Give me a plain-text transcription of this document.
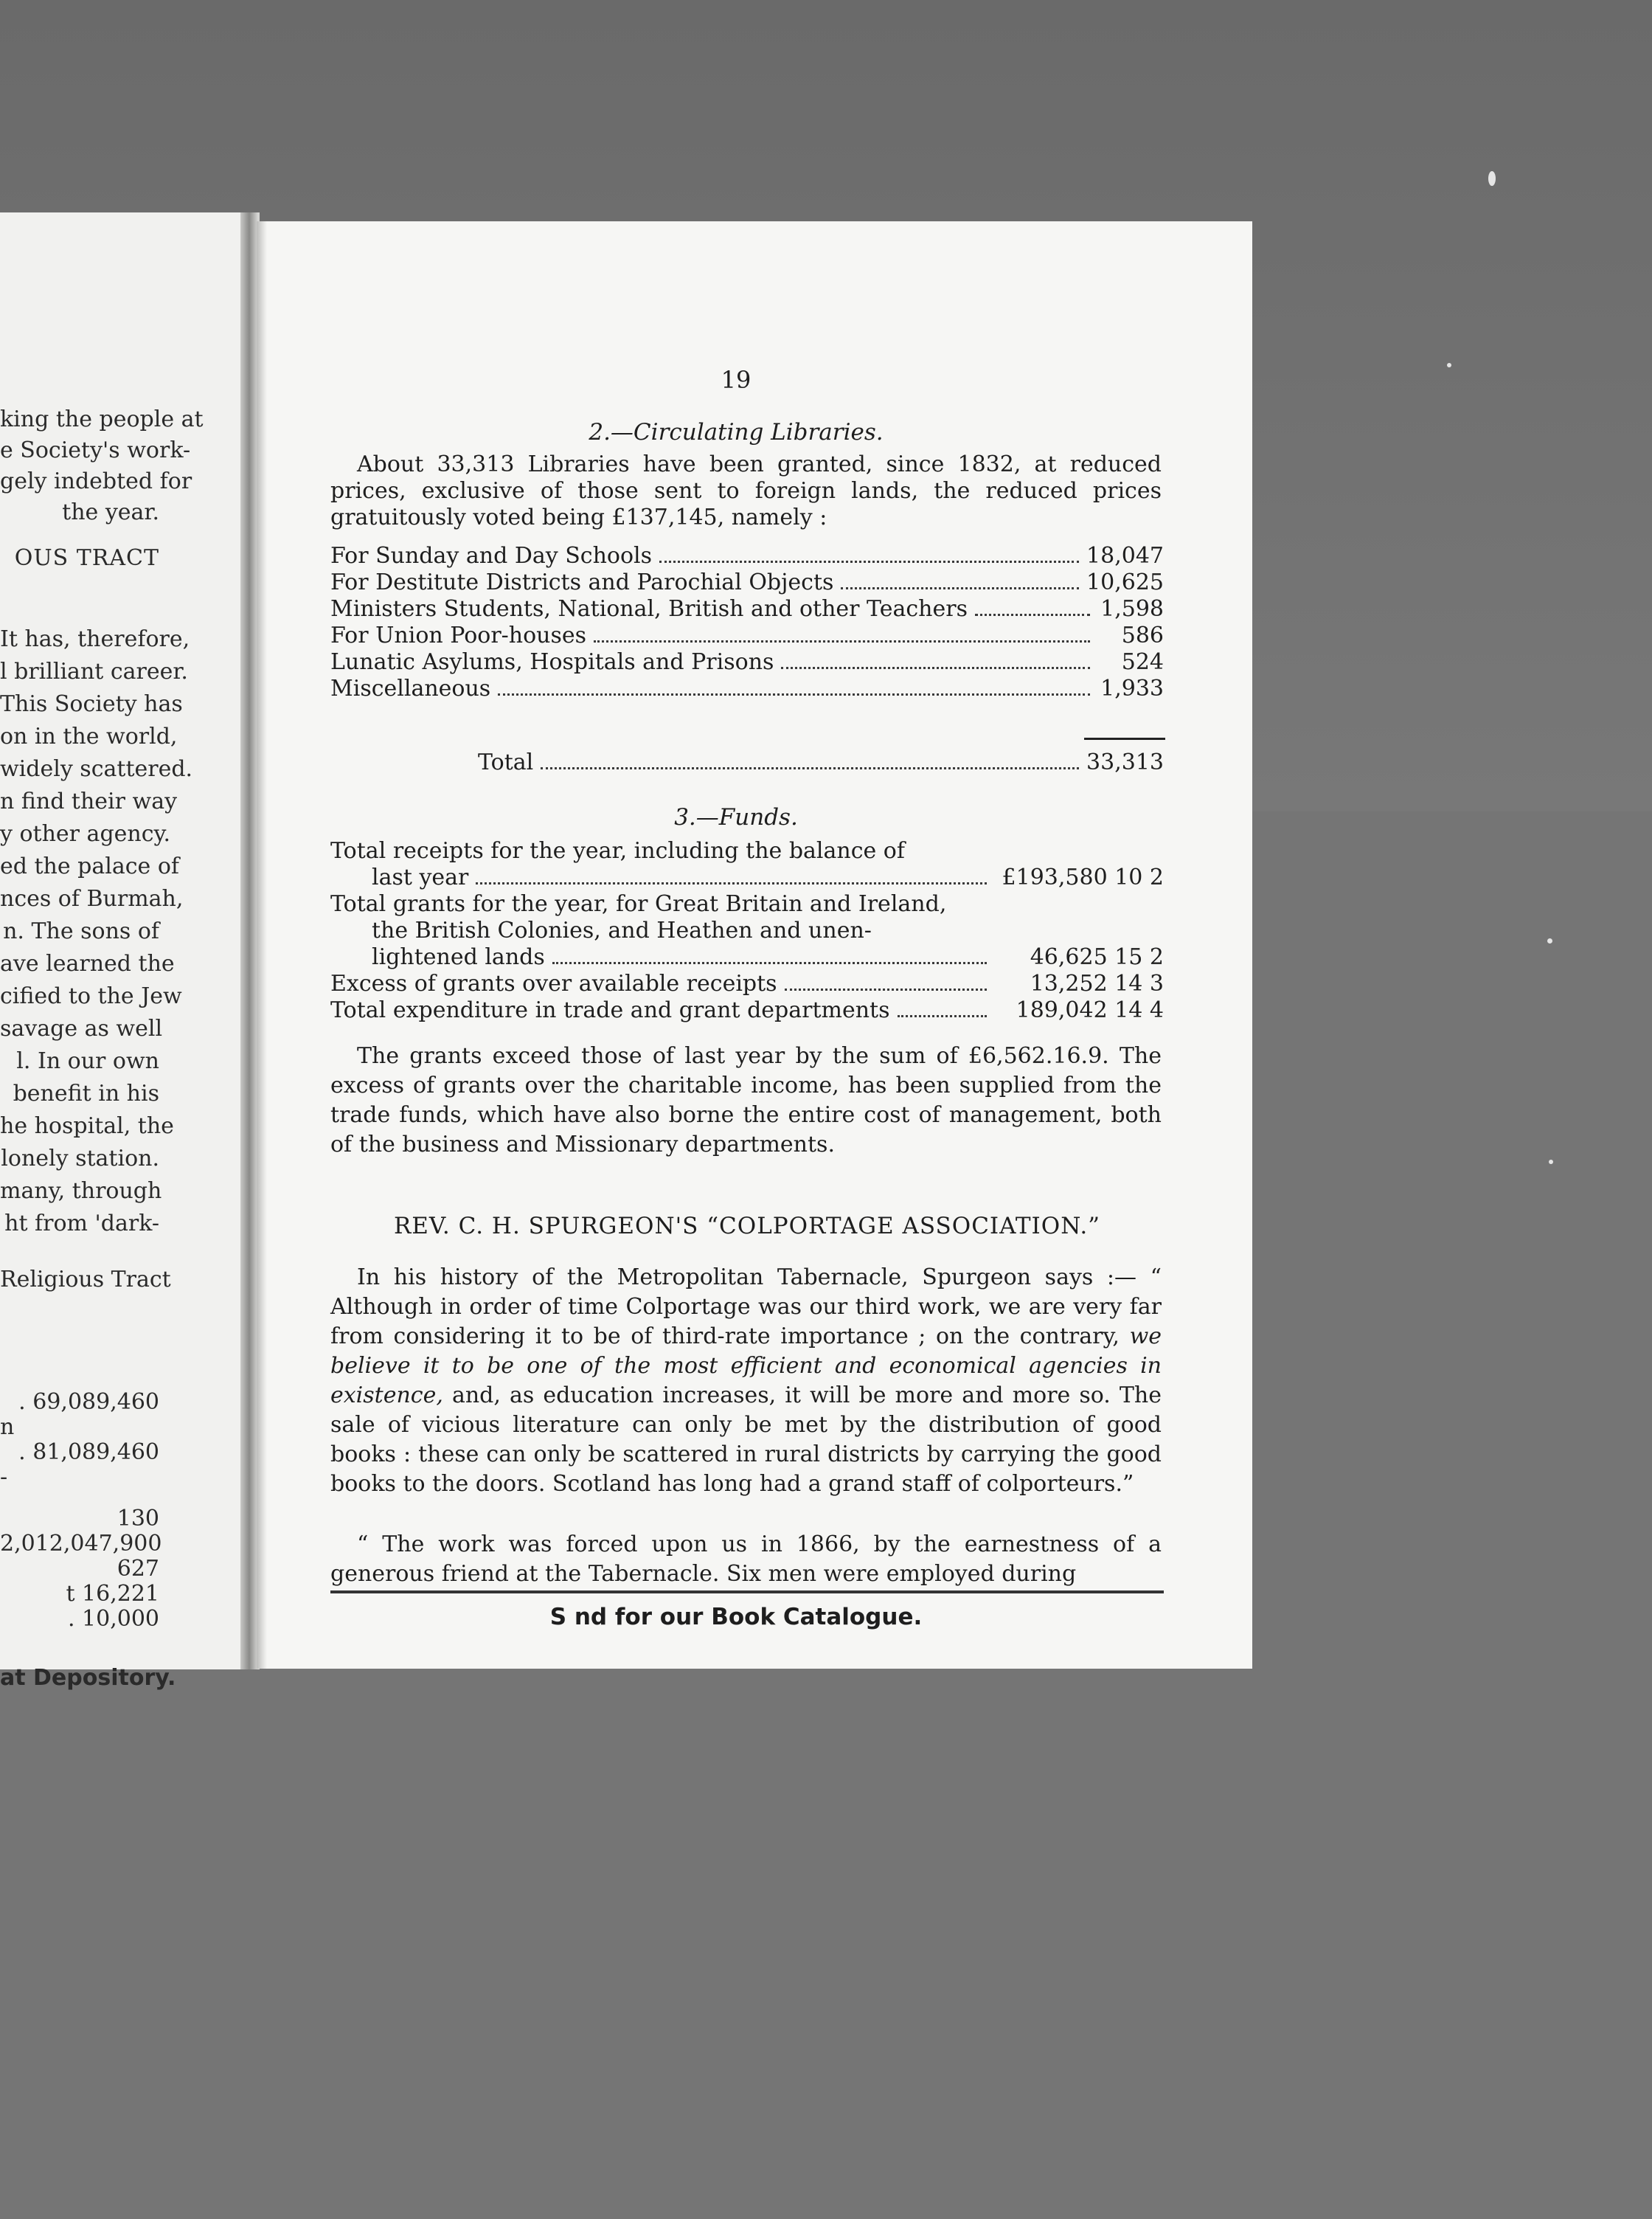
king the people at

e Society's work-

gely indebted for

the year.

OUS TRACT

It has, therefore,

l brilliant career.

This Society has

on in the world,

widely scattered.

n find their way

y other agency.

ed the palace of

nces of Burmah,

n. The sons of

ave learned the

cified to the Jew

savage as well

l. In our own

benefit in his

he hospital, the

lonely station.

many, through

ht from 'dark-

Religious Tract

. 69,089,460

n

. 81,089,460

-

130

2,012,047,900

627

t 16,221

. 10,000

at Depository.

19
2.—Circulating Libraries.

About 33,313 Libraries have been granted, since 1832, at reduced prices, exclusive of those sent to foreign lands, the reduced prices gratuitously voted being £137,145, namely :

For Sunday and Day Schools	18,047
For Destitute Districts and Parochial Objects	10,625
Ministers Students, National, British and other Teachers	1,598
For Union Poor-houses	586
Lunatic Asylums, Hospitals and Prisons	524
Miscellaneous	1,933
Total	33,313
3.—Funds.
Total receipts for the year, including the balance of
last year	£193,580 10 2
Total grants for the year, for Great Britain and Ireland,
the British Colonies, and Heathen and unen-
lightened lands	46,625 15 2
Excess of grants over available receipts	13,252 14 3
Total expenditure in trade and grant departments	189,042 14 4

The grants exceed those of last year by the sum of £6,562.16.9. The excess of grants over the charitable income, has been supplied from the trade funds, which have also borne the entire cost of management, both of the business and Missionary departments.

REV. C. H. SPURGEON'S “COLPORTAGE ASSOCIATION.”

In his history of the Metropolitan Tabernacle, Spurgeon says :— “ Although in order of time Colportage was our third work, we are very far from considering it to be of third-rate importance ; on the contrary, we believe it to be one of the most efficient and economical agencies in existence, and, as education increases, it will be more and more so. The sale of vicious literature can only be met by the distribution of good books : these can only be scattered in rural districts by carrying the good books to the doors. Scotland has long had a grand staff of colporteurs.”

“ The work was forced upon us in 1866, by the earnestness of a generous friend at the Tabernacle. Six men were employed during

S nd for our Book Catalogue.
